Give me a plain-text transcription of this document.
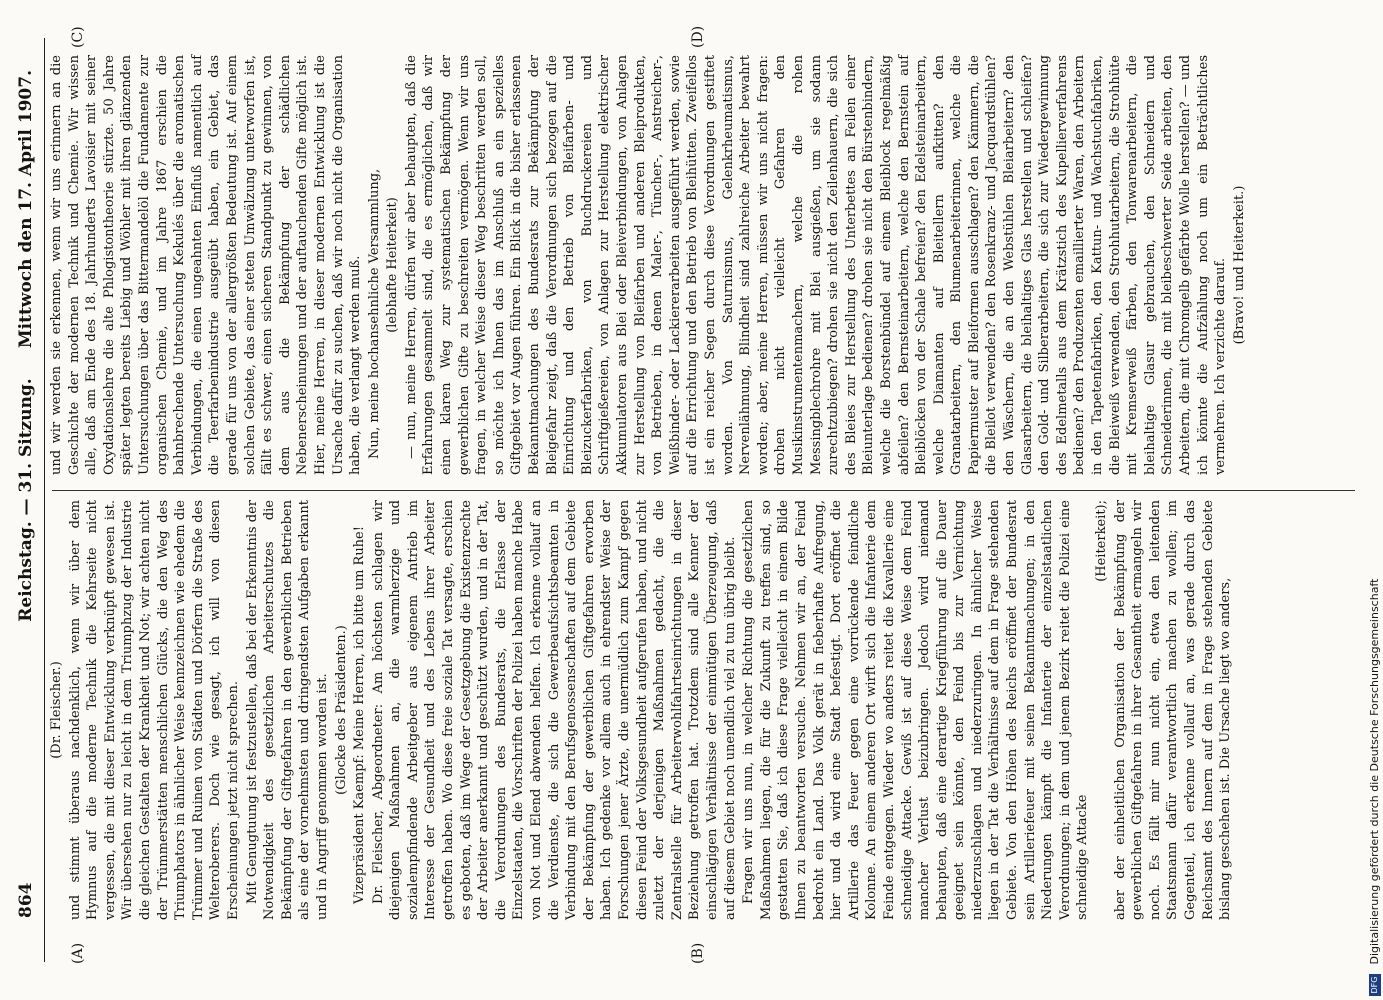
864
Reichstag. — 31. Sitzung.
Mittwoch den 17. April 1907.
(A)	(B)
(C)	(D)

(Dr. Fleischer.) und stimmt überaus nachdenklich, wenn wir über dem Hymnus auf die moderne Technik die Kehrseite nicht vergessen, die mit dieser Entwicklung verknüpft gewesen ist. Wir übersehen nur zu leicht in dem Triumphzug der Industrie die gleichen Gestalten der Krankheit und Not; wir achten nicht der Trümmerstätten menschlichen Glücks, die den Weg des Triumphators in ähnlicher Weise kennzeichnen wie ehedem die Trümmer und Ruinen von Städten und Dörfern die Straße des Welteroberers. Doch wie gesagt, ich will von diesen Erscheinungen jetzt nicht sprechen. Mit Genugtuung ist festzustellen, daß bei der Erkenntnis der Notwendigkeit des gesetzlichen Arbeiterschutzes die Bekämpfung der Giftgefahren in den gewerblichen Betrieben als eine der vornehmsten und dringendsten Aufgaben erkannt und in Angriff genommen worden ist. (Glocke des Präsidenten.) Vizepräsident Kaempf: Meine Herren, ich bitte um Ruhe! Dr. Fleischer, Abgeordneter: Am höchsten schlagen wir diejenigen Maßnahmen an, die warmherzige und sozialempfindende Arbeitgeber aus eigenem Antrieb im Interesse der Gesundheit und des Lebens ihrer Arbeiter getroffen haben. Wo diese freie soziale Tat versagte, erschien es geboten, daß im Wege der Gesetzgebung die Existenzrechte der Arbeiter anerkannt und geschützt wurden, und in der Tat, die Verordnungen des Bundesrats, die Erlasse der Einzelstaaten, die Vorschriften der Polizei haben manche Habe von Not und Elend abwenden helfen. Ich erkenne vollauf an die Verdienste, die sich die Gewerbeaufsichtsbeamten in Verbindung mit den Berufsgenossenschaften auf dem Gebiete der Bekämpfung der gewerblichen Giftgefahren erworben haben. Ich gedenke vor allem auch in ehrendster Weise der Forschungen jener Ärzte, die unermüdlich zum Kampf gegen diesen Feind der Volksgesundheit aufgerufen haben, und nicht zuletzt der derjenigen Maßnahmen gedacht, die die Zentralstelle für Arbeiterwohlfahrtseinrichtungen in dieser Beziehung getroffen hat. Trotzdem sind alle Kenner der einschlägigen Verhältnisse der einmütigen Überzeugung, daß auf diesem Gebiet noch unendlich viel zu tun übrig bleibt. Fragen wir uns nun, in welcher Richtung die gesetzlichen Maßnahmen liegen, die für die Zukunft zu treffen sind, so gestatten Sie, daß ich diese Frage vielleicht in einem Bilde Ihnen zu beantworten versuche. Nehmen wir an, der Feind bedroht ein Land. Das Volk gerät in fieberhafte Aufregung, hier und da wird eine Stadt befestigt. Dort eröffnet die Artillerie das Feuer gegen eine vorrückende feindliche Kolonne. An einem anderen Ort wirft sich die Infanterie dem Feinde entgegen. Wieder wo anders reitet die Kavallerie eine schneidige Attacke. Gewiß ist auf diese Weise dem Feind mancher Verlust beizubringen. Jedoch wird niemand behaupten, daß eine derartige Kriegführung auf die Dauer geeignet sein könnte, den Feind bis zur Vernichtung niederzuschlagen und niederzuringen. In ähnlicher Weise liegen in der Tat die Verhältnisse auf dem in Frage stehenden Gebiete. Von den Höhen des Reichs eröffnet der Bundesrat sein Artilleriefeuer mit seinen Bekanntmachungen; in den Niederungen kämpft die Infanterie der einzelstaatlichen Verordnungen; in dem und jenem Bezirk reitet die Polizei eine schneidige Attacke

(Heiterkeit); aber der einheitlichen Organisation der Bekämpfung der gewerblichen Giftgefahren in ihrer Gesamtheit ermangeln wir noch. Es fällt mir nun nicht ein, etwa den leitenden Staatsmann dafür verantwortlich machen zu wollen; im Gegenteil, ich erkenne vollauf an, was gerade durch das Reichsamt des Innern auf dem in Frage stehenden Gebiete bislang geschehen ist. Die Ursache liegt wo anders,

und wir werden sie erkennen, wenn wir uns erinnern an die Geschichte der modernen Technik und Chemie. Wir wissen alle, daß am Ende des 18. Jahrhunderts Lavoisier mit seiner Oxydationslehre die alte Phlogistontheorie stürzte. 50 Jahre später legten bereits Liebig und Wöhler mit ihren glänzenden Untersuchungen über das Bittermandelöl die Fundamente zur organischen Chemie, und im Jahre 1867 erschien die bahnbrechende Untersuchung Kekulés über die aromatischen Verbindungen, die einen ungeahnten Einfluß namentlich auf die Teerfarbenindustrie ausgeübt haben, ein Gebiet, das gerade für uns von der allergrößten Bedeutung ist. Auf einem solchen Gebiete, das einer steten Umwälzung unterworfen ist, fällt es schwer, einen sicheren Standpunkt zu gewinnen, von dem aus die Bekämpfung der schädlichen Nebenerscheinungen und der auftauchenden Gifte möglich ist. Hier, meine Herren, in dieser modernen Entwicklung ist die Ursache dafür zu suchen, daß wir noch nicht die Organisation haben, die verlangt werden muß. Nun, meine hochansehnliche Versammlung, (lebhafte Heiterkeit) — nun, meine Herren, dürfen wir aber behaupten, daß die Erfahrungen gesammelt sind, die es ermöglichen, daß wir einen klaren Weg zur systematischen Bekämpfung der gewerblichen Gifte zu beschreiten vermögen. Wenn wir uns fragen, in welcher Weise dieser Weg beschritten werden soll, so möchte ich Ihnen das im Anschluß an ein spezielles Giftgebiet vor Augen führen. Ein Blick in die bisher erlassenen Bekanntmachungen des Bundesrats zur Bekämpfung der Bleigefahr zeigt, daß die Verordnungen sich bezogen auf die Einrichtung und den Betrieb von Bleifarben- und Bleizuckerfabriken, von Buchdruckereien und Schriftgießereien, von Anlagen zur Herstellung elektrischer Akkumulatoren aus Blei oder Bleiverbindungen, von Anlagen zur Herstellung von Bleifarben und anderen Bleiprodukten, von Betrieben, in denen Maler-, Tüncher-, Anstreicher-, Weißbinder- oder Lackiererarbeiten ausgeführt werden, sowie auf die Errichtung und den Betrieb von Bleihütten. Zweifellos ist ein reicher Segen durch diese Verordnungen gestiftet worden. Von Saturnismus, Gelenkrheumatismus, Nervenlähmung, Blindheit sind zahlreiche Arbeiter bewahrt worden; aber, meine Herren, müssen wir uns nicht fragen: drohen nicht vielleicht Gefahren den Musikinstrumentenmachern, welche die rohen Messingblechrohre mit Blei ausgießen, um sie sodann zurechtzubiegen? drohen sie nicht den Zeilenhauern, die sich des Bleies zur Herstellung des Unterbettes an Feilen einer Bleiunterlage bedienen? drohen sie nicht den Bürstenbindern, welche die Borstenbündel auf einem Bleiblock regelmäßig abfeilen? den Bernsteinarbeitern, welche den Bernstein auf Bleiblöcken von der Schale befreien? den Edelsteinarbeitern, welche Diamanten auf Bleitellern aufkitten? den Granatarbeitern, den Blumenarbeiterinnen, welche die Papiermuster auf Bleiformen ausschlagen? den Kämmern, die die Bleilot verwenden? den Rosenkranz- und Jacquardstühlen? den Wäschern, die an den Webstühlen Bleiarbeitern? den Glasarbeitern, die bleihaltiges Glas herstellen und schleifen? den Gold- und Silberarbeitern, die sich zur Wiedergewinnung des Edelmetalls aus dem Krätzstich des Kupellierverfahrens bedienen? den Produzenten emaillierter Waren, den Arbeitern in den Tapetenfabriken, den Kattun- und Wachstuchfabriken, die Bleiweiß verwenden, den Strohhutarbeitern, die Strohhüte mit Kremserweiß färben, den Tonwarenarbeitern, die bleihaltige Glasur gebrauchen, den Schneidern und Schneiderinnen, die mit bleibeschwerter Seide arbeiten, den Arbeitern, die mit Chromgelb gefärbte Wolle herstellen? — und ich könnte die Aufzählung noch um ein Beträchtliches vermehren. Ich verzichte darauf. (Bravo! und Heiterkeit.)

DFG Digitalisierung gefördert durch die Deutsche Forschungsgemeinschaft
